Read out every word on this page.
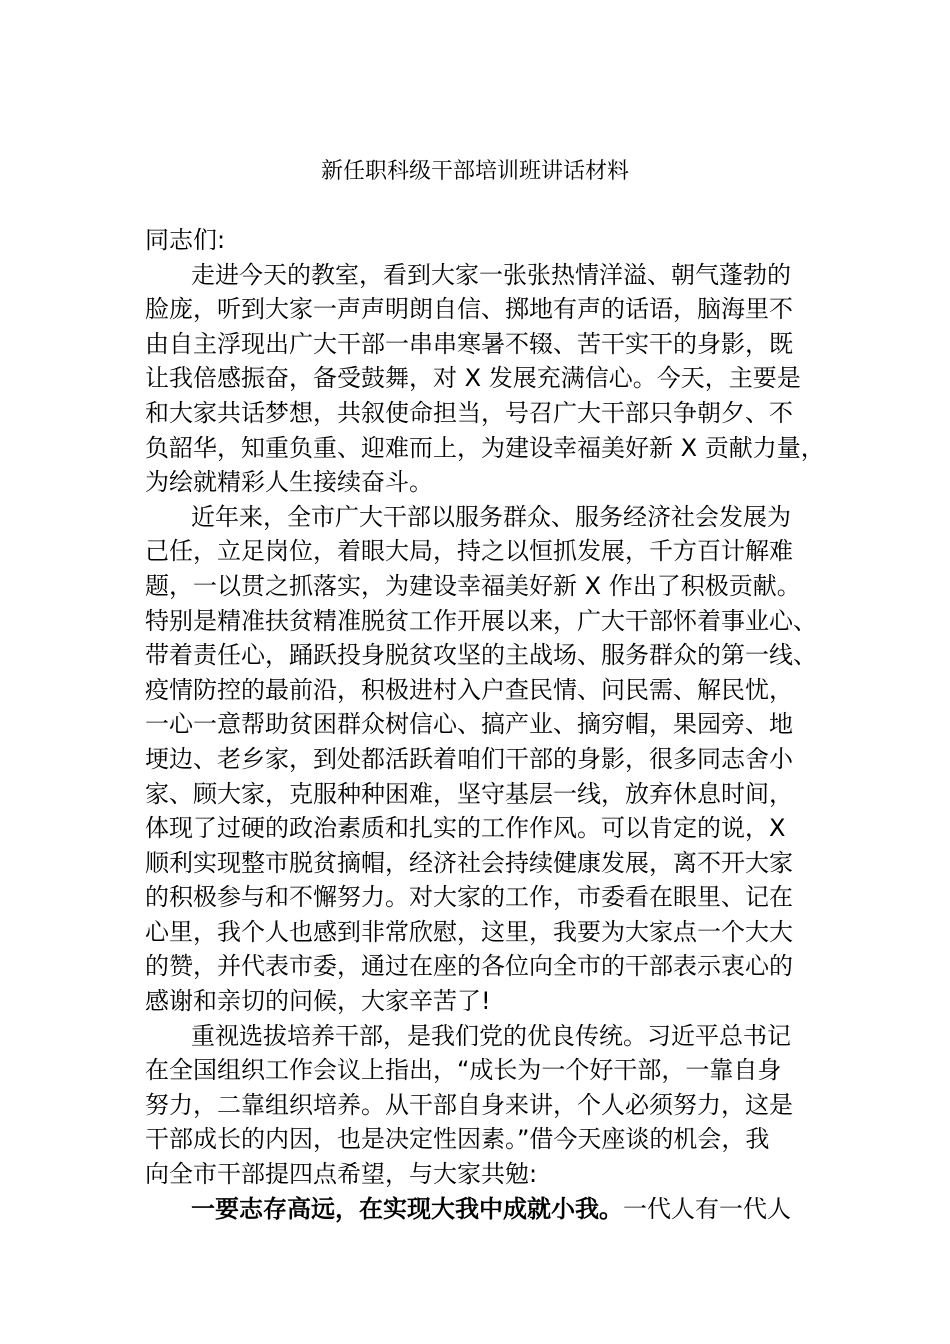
新任职科级干部培训班讲话材料
同志们:
走进今天的教室，看到大家一张张热情洋溢、朝气蓬勃的
脸庞，听到大家一声声明朗自信、掷地有声的话语，脑海里不
由自主浮现出广大干部一串串寒暑不辍、苦干实干的身影，既
让我倍感振奋，备受鼓舞，对 X 发展充满信心。今天，主要是
和大家共话梦想，共叙使命担当，号召广大干部只争朝夕、不
负韶华，知重负重、迎难而上，为建设幸福美好新 X 贡献力量，
为绘就精彩人生接续奋斗。
近年来，全市广大干部以服务群众、服务经济社会发展为
己任，立足岗位，着眼大局，持之以恒抓发展，千方百计解难
题，一以贯之抓落实，为建设幸福美好新 X 作出了积极贡献。
特别是精准扶贫精准脱贫工作开展以来，广大干部怀着事业心、
带着责任心，踊跃投身脱贫攻坚的主战场、服务群众的第一线、
疫情防控的最前沿，积极进村入户查民情、问民需、解民忧，
一心一意帮助贫困群众树信心、搞产业、摘穷帽，果园旁、地
埂边、老乡家，到处都活跃着咱们干部的身影，很多同志舍小
家、顾大家，克服种种困难，坚守基层一线，放弃休息时间，
体现了过硬的政治素质和扎实的工作作风。可以肯定的说，X
顺利实现整市脱贫摘帽，经济社会持续健康发展，离不开大家
的积极参与和不懈努力。对大家的工作，市委看在眼里、记在
心里，我个人也感到非常欣慰，这里，我要为大家点一个大大
的赞，并代表市委，通过在座的各位向全市的干部表示衷心的
感谢和亲切的问候，大家辛苦了!
重视选拔培养干部，是我们党的优良传统。习近平总书记
在全国组织工作会议上指出，“成长为一个好干部，一靠自身
努力，二靠组织培养。从干部自身来讲，个人必须努力，这是
干部成长的内因，也是决定性因素。”借今天座谈的机会，我
向全市干部提四点希望，与大家共勉:
一要志存高远，在实现大我中成就小我。一代人有一代人
